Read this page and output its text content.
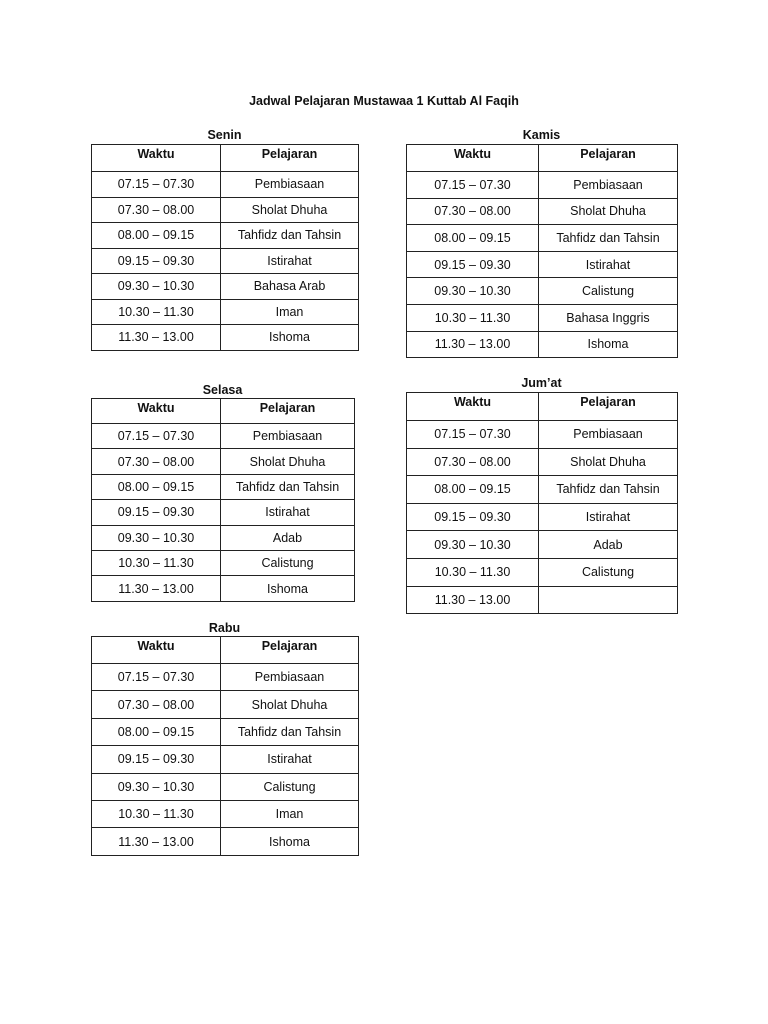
Jadwal Pelajaran Mustawaa 1 Kuttab Al Faqih
Senin
Waktu	Pelajaran
07.15 – 07.30	Pembiasaan
07.30 – 08.00	Sholat Dhuha
08.00 – 09.15	Tahfidz dan Tahsin
09.15 – 09.30	Istirahat
09.30 – 10.30	Bahasa Arab
10.30 – 11.30	Iman
11.30 – 13.00	Ishoma
Selasa
Waktu	Pelajaran
07.15 – 07.30	Pembiasaan
07.30 – 08.00	Sholat Dhuha
08.00 – 09.15	Tahfidz dan Tahsin
09.15 – 09.30	Istirahat
09.30 – 10.30	Adab
10.30 – 11.30	Calistung
11.30 – 13.00	Ishoma
Rabu
Waktu	Pelajaran
07.15 – 07.30	Pembiasaan
07.30 – 08.00	Sholat Dhuha
08.00 – 09.15	Tahfidz dan Tahsin
09.15 – 09.30	Istirahat
09.30 – 10.30	Calistung
10.30 – 11.30	Iman
11.30 – 13.00	Ishoma
Kamis
Waktu	Pelajaran
07.15 – 07.30	Pembiasaan
07.30 – 08.00	Sholat Dhuha
08.00 – 09.15	Tahfidz dan Tahsin
09.15 – 09.30	Istirahat
09.30 – 10.30	Calistung
10.30 – 11.30	Bahasa Inggris
11.30 – 13.00	Ishoma
Jum’at
Waktu	Pelajaran
07.15 – 07.30	Pembiasaan
07.30 – 08.00	Sholat Dhuha
08.00 – 09.15	Tahfidz dan Tahsin
09.15 – 09.30	Istirahat
09.30 – 10.30	Adab
10.30 – 11.30	Calistung
11.30 – 13.00	
